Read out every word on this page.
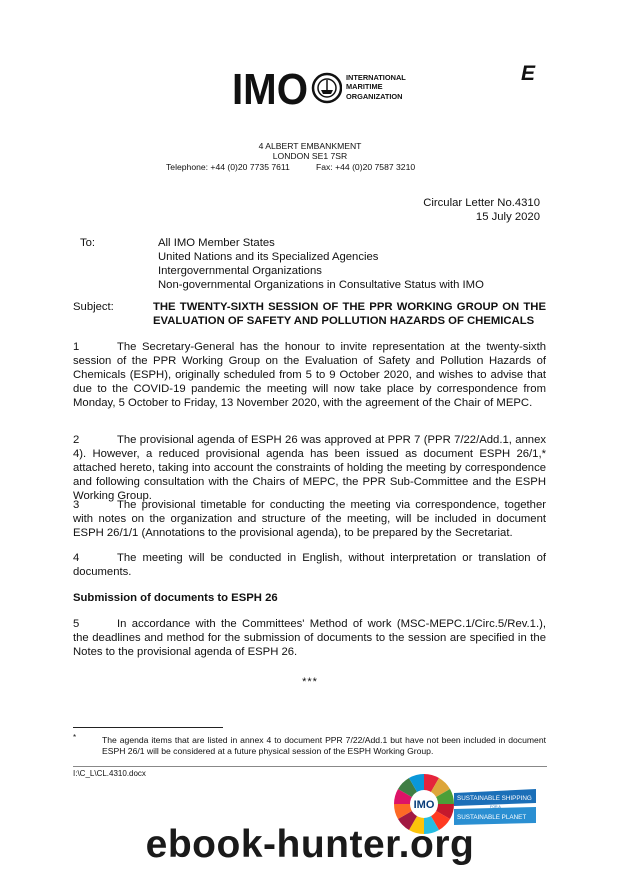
IMO	INTERNATIONAL
MARITIME
ORGANIZATION
E
4 ALBERT EMBANKMENT
LONDON SE1 7SR
Telephone: +44 (0)20 7735 7611	Fax: +44 (0)20 7587 3210
Circular Letter No.4310
15 July 2020
To:	All IMO Member States
United Nations and its Specialized Agencies
Intergovernmental Organizations
Non-governmental Organizations in Consultative Status with IMO
Subject:	THE TWENTY-SIXTH SESSION OF THE PPR WORKING GROUP ON THE EVALUATION OF SAFETY AND POLLUTION HAZARDS OF CHEMICALS
1	The Secretary-General has the honour to invite representation at the twenty-sixth session of the PPR Working Group on the Evaluation of Safety and Pollution Hazards of Chemicals (ESPH), originally scheduled from 5 to 9 October 2020, and wishes to advise that due to the COVID-19 pandemic the meeting will now take place by correspondence from Monday, 5 October to Friday, 13 November 2020, with the agreement of the Chair of MEPC.
2	The provisional agenda of ESPH 26 was approved at PPR 7 (PPR 7/22/Add.1, annex 4). However, a reduced provisional agenda has been issued as document ESPH 26/1,* attached hereto, taking into account the constraints of holding the meeting by correspondence and following consultation with the Chairs of MEPC, the PPR Sub-Committee and the ESPH Working Group.
3	The provisional timetable for conducting the meeting via correspondence, together with notes on the organization and structure of the meeting, will be included in document ESPH 26/1/1 (Annotations to the provisional agenda), to be prepared by the Secretariat.
4	The meeting will be conducted in English, without interpretation or translation of documents.
Submission of documents to ESPH 26
5	In accordance with the Committees' Method of work (MSC-MEPC.1/Circ.5/Rev.1.), the deadlines and method for the submission of documents to the session are specified in the Notes to the provisional agenda of ESPH 26.
***
*	The agenda items that are listed in annex 4 to document PPR 7/22/Add.1 but have not been included in document ESPH 26/1 will be considered at a future physical session of the ESPH Working Group.
I:\C_L\CL.4310.docx
IMO
SUSTAINABLE SHIPPING
FOR A
SUSTAINABLE PLANET
ebook-hunter.org
